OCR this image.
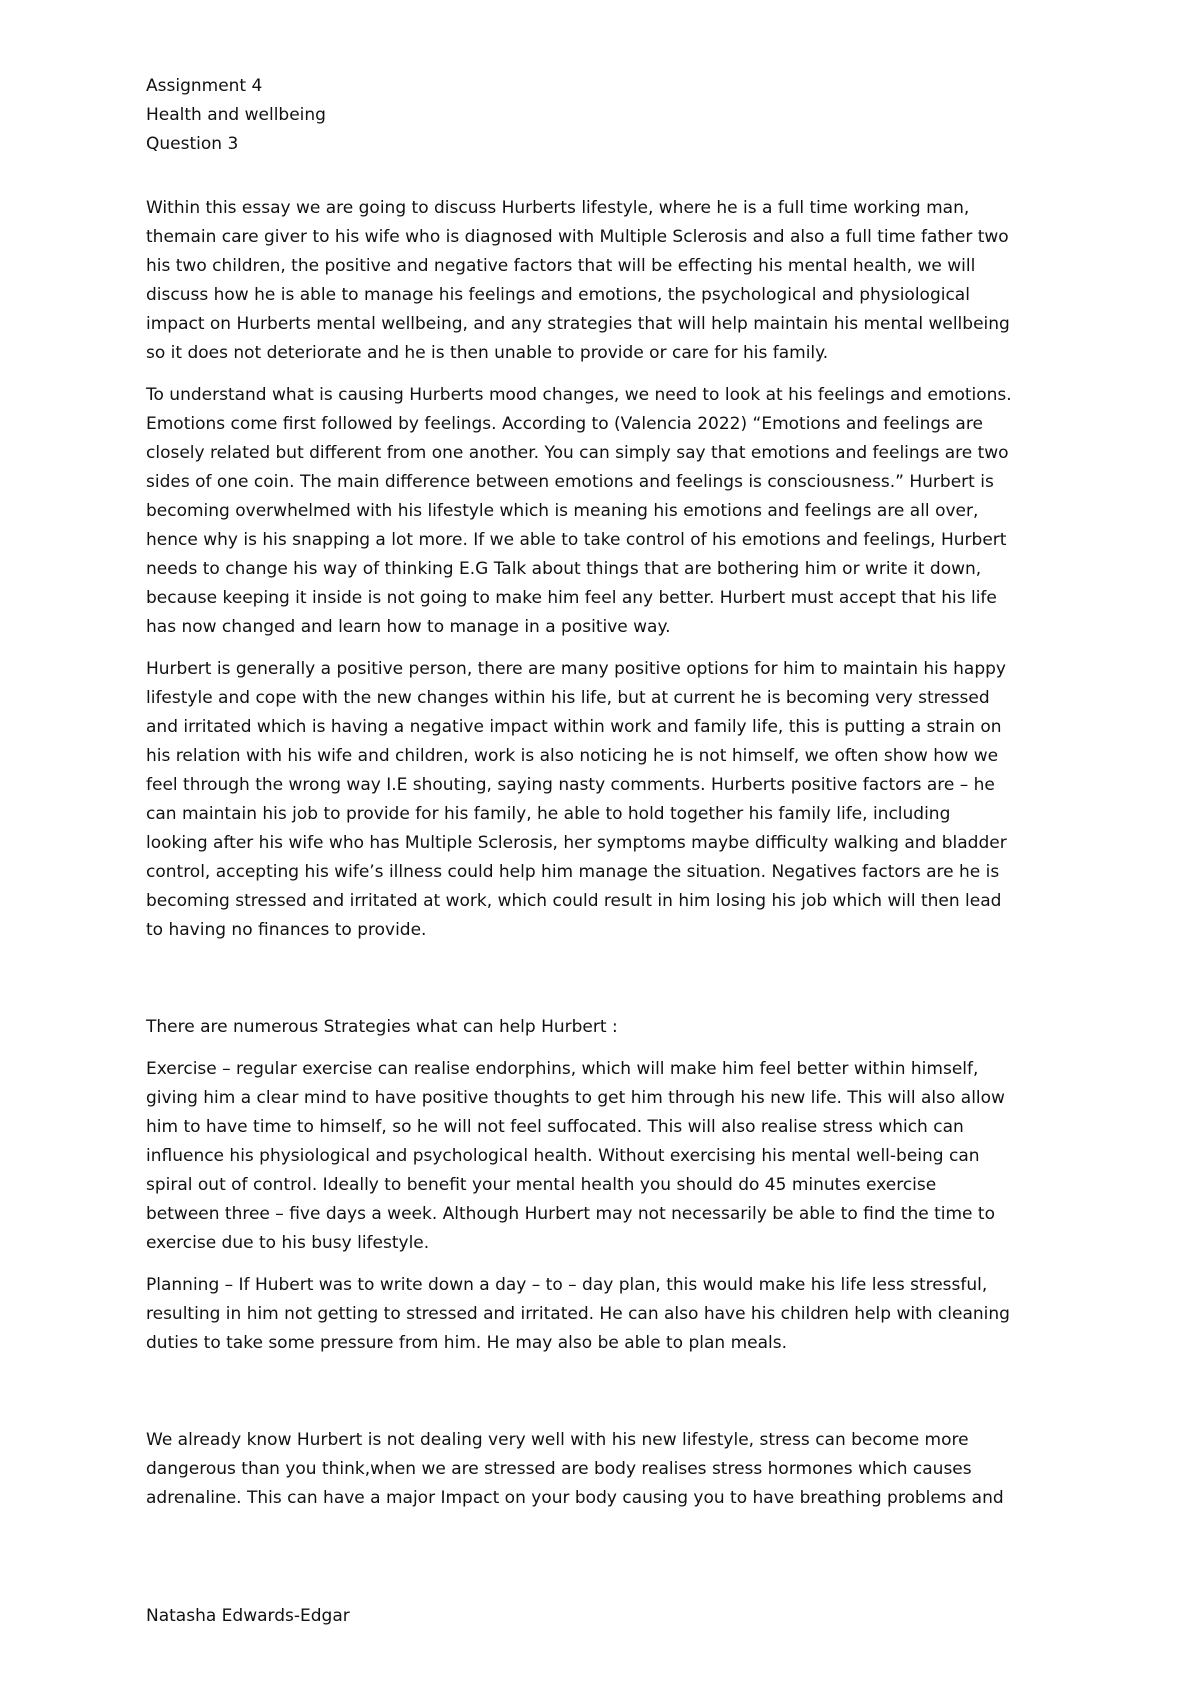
Assignment 4
Health and wellbeing
Question 3

Within this essay we are going to discuss Hurberts lifestyle, where he is a full time working man,
themain care giver to his wife who is diagnosed with Multiple Sclerosis and also a full time father two
his two children, the positive and negative factors that will be effecting his mental health, we will
discuss how he is able to manage his feelings and emotions, the psychological and physiological
impact on Hurberts mental wellbeing, and any strategies that will help maintain his mental wellbeing
so it does not deteriorate and he is then unable to provide or care for his family.

To understand what is causing Hurberts mood changes, we need to look at his feelings and emotions.
Emotions come first followed by feelings. According to (Valencia 2022) “Emotions and feelings are
closely related but different from one another. You can simply say that emotions and feelings are two
sides of one coin. The main difference between emotions and feelings is consciousness.” Hurbert is
becoming overwhelmed with his lifestyle which is meaning his emotions and feelings are all over,
hence why is his snapping a lot more. If we able to take control of his emotions and feelings, Hurbert
needs to change his way of thinking E.G Talk about things that are bothering him or write it down,
because keeping it inside is not going to make him feel any better. Hurbert must accept that his life
has now changed and learn how to manage in a positive way.

Hurbert is generally a positive person, there are many positive options for him to maintain his happy
lifestyle and cope with the new changes within his life, but at current he is becoming very stressed
and irritated which is having a negative impact within work and family life, this is putting a strain on
his relation with his wife and children, work is also noticing he is not himself, we often show how we
feel through the wrong way I.E shouting, saying nasty comments. Hurberts positive factors are – he
can maintain his job to provide for his family, he able to hold together his family life, including
looking after his wife who has Multiple Sclerosis, her symptoms maybe difficulty walking and bladder
control, accepting his wife’s illness could help him manage the situation. Negatives factors are he is
becoming stressed and irritated at work, which could result in him losing his job which will then lead
to having no finances to provide.

There are numerous Strategies what can help Hurbert :

Exercise – regular exercise can realise endorphins, which will make him feel better within himself,
giving him a clear mind to have positive thoughts to get him through his new life. This will also allow
him to have time to himself, so he will not feel suffocated. This will also realise stress which can
influence his physiological and psychological health. Without exercising his mental well-being can
spiral out of control. Ideally to benefit your mental health you should do 45 minutes exercise
between three – five days a week. Although Hurbert may not necessarily be able to find the time to
exercise due to his busy lifestyle.

Planning – If Hubert was to write down a day – to – day plan, this would make his life less stressful,
resulting in him not getting to stressed and irritated. He can also have his children help with cleaning
duties to take some pressure from him. He may also be able to plan meals.

We already know Hurbert is not dealing very well with his new lifestyle, stress can become more
dangerous than you think,when we are stressed are body realises stress hormones which causes
adrenaline. This can have a major Impact on your body causing you to have breathing problems and

Natasha Edwards-Edgar
